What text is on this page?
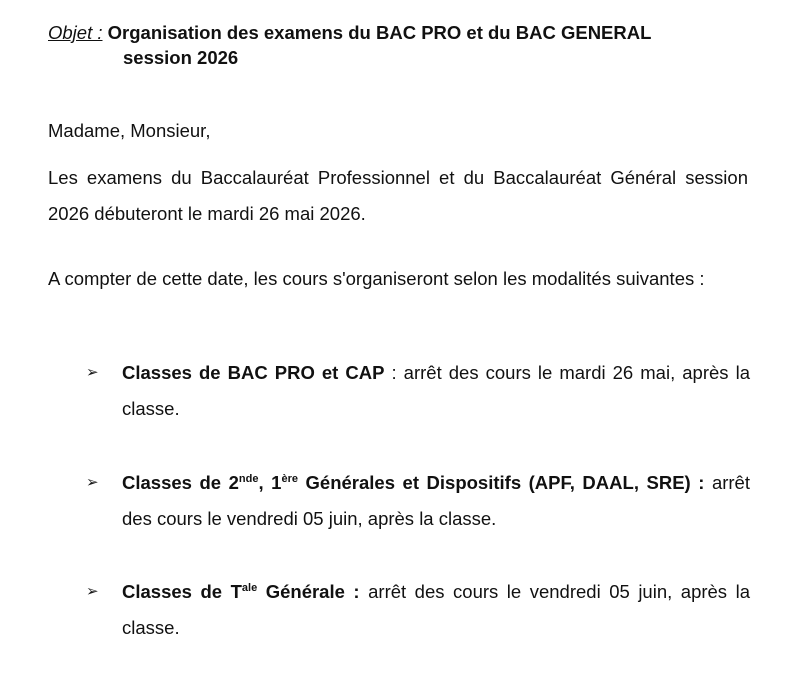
Objet : Organisation des examens du BAC PRO et du BAC GENERAL
session 2026

Madame, Monsieur,

Les examens du Baccalauréat Professionnel et du Baccalauréat Général session 2026 débuteront le mardi 26 mai 2026.

A compter de cette date, les cours s'organiseront selon les modalités suivantes :

➢ Classes de BAC PRO et CAP : arrêt des cours le mardi 26 mai, après la classe.
➢ Classes de 2nde, 1ère Générales et Dispositifs (APF, DAAL, SRE) : arrêt des cours le vendredi 05 juin, après la classe.
➢ Classes de $T^{ale}$ Générale : arrêt des cours le vendredi 05 juin, après la classe.
